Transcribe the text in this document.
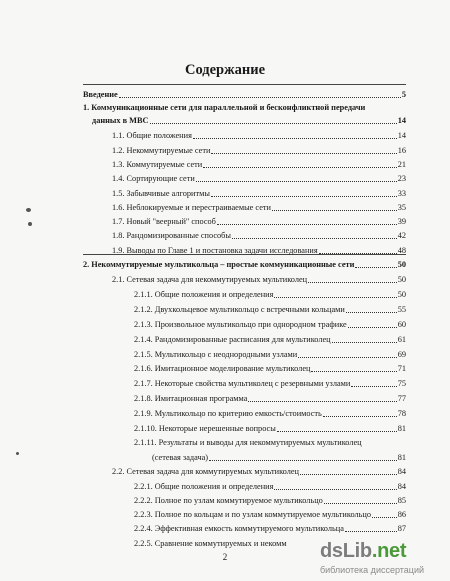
Содержание
Введение	5
1. Коммуникационные сети для параллельной и бесконфликтной передачи
данных в МВС	14
1.1. Общие положения	14
1.2. Некоммутируемые сети	16
1.3. Коммутируемые сети	21
1.4. Сортирующие сети	23
1.5. Забывчивые алгоритмы	33
1.6. Неблокируемые и перестраиваемые сети	35
1.7. Новый "веерный" способ	39
1.8. Рандомизированные способы	42
1.9. Выводы по Главе 1 и постановка задачи исследования	48
2. Некоммутируемые мультикольца – простые коммуникационные сети	50
2.1. Сетевая задача для некоммутируемых мультиколец	50
2.1.1. Общие положения и определения	50
2.1.2. Двухкольцевое мультикольцо с встречными кольцами	55
2.1.3. Произвольное мультикольцо при однородном трафике	60
2.1.4. Рандомизированные расписания для мультиколец	61
2.1.5. Мультикольцо с неоднородными узлами	69
2.1.6. Имитационное моделирование мультиколец	71
2.1.7. Некоторые свойства мультиколец с резервными узлами	75
2.1.8. Имитационная программа	77
2.1.9. Мультикольцо по критерию емкость/стоимость	78
2.1.10. Некоторые нерешенные вопросы	81
2.1.11. Результаты и выводы для некоммутируемых мультиколец
(сетевая задача)	81
2.2. Сетевая задача для коммутируемых мультиколец	84
2.2.1. Общие положения и определения	84
2.2.2. Полное по узлам коммутируемое мультикольцо	85
2.2.3. Полное по кольцам и по узлам коммутируемое мультикольцо	86
2.2.4. Эффективная емкость коммутируемого мультикольца	87
2.2.5. Сравнение коммутируемых и некомм
2	dsLib.net
библиотека диссертаций
